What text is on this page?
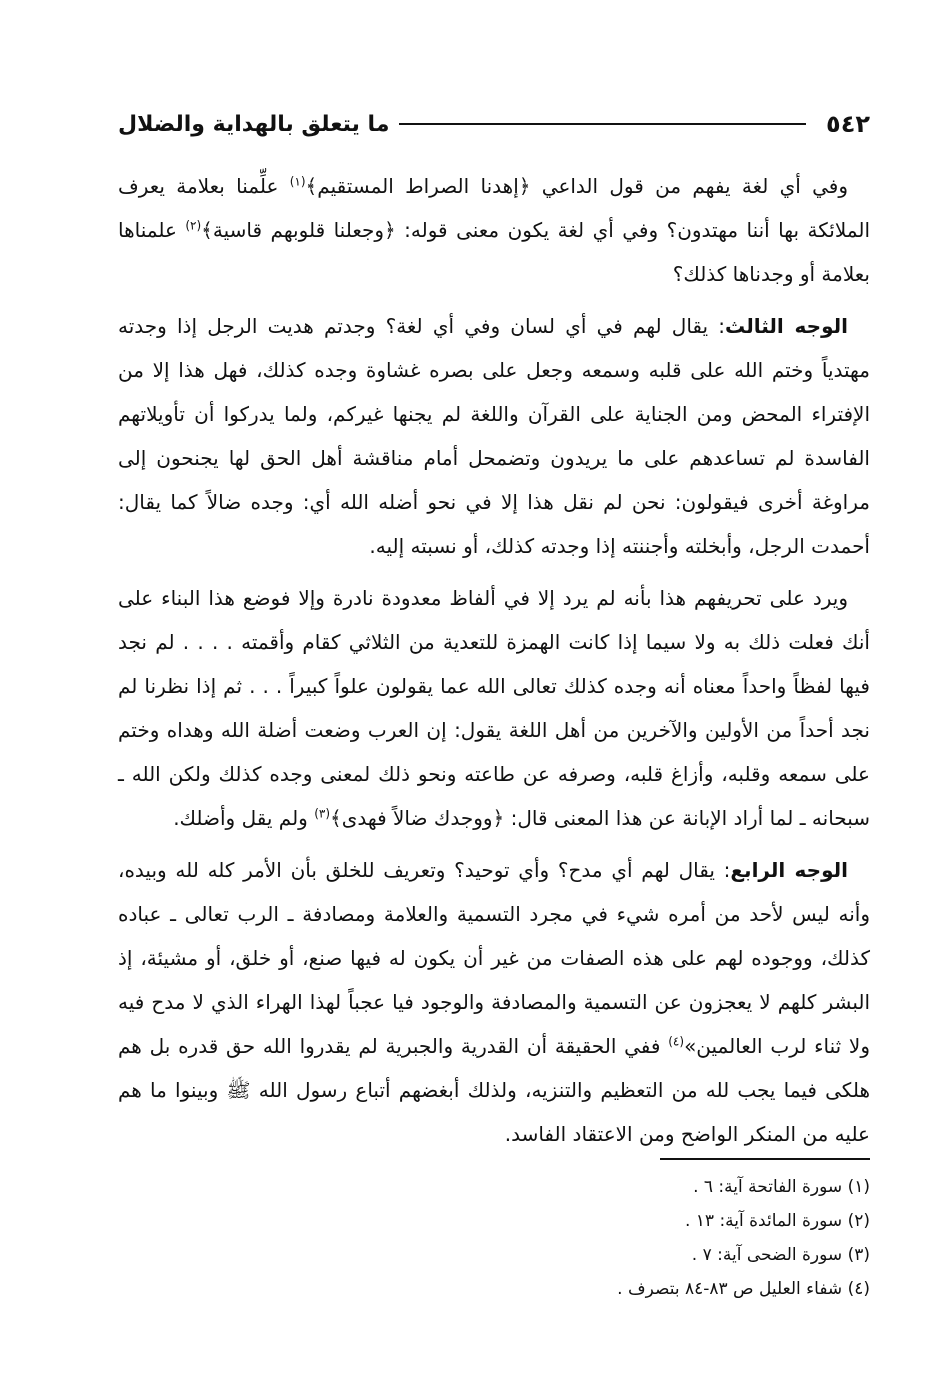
٥٤٢
ما يتعلق بالهداية والضلال

وفي أي لغة يفهم من قول الداعي ﴿إهدنا الصراط المستقيم﴾$^{(١)}$ علِّمنا بعلامة يعرف الملائكة بها أننا مهتدون؟ وفي أي لغة يكون معنى قوله: ﴿وجعلنا قلوبهم قاسية﴾$^{(٢)}$ علمناها بعلامة أو وجدناها كذلك؟

الوجه الثالث: يقال لهم في أي لسان وفي أي لغة؟ وجدتم هديت الرجل إذا وجدته مهتدياً وختم الله على قلبه وسمعه وجعل على بصره غشاوة وجده كذلك، فهل هذا إلا من الإفتراء المحض ومن الجناية على القرآن واللغة لم يجنها غيركم، ولما يدركوا أن تأويلاتهم الفاسدة لم تساعدهم على ما يريدون وتضمحل أمام مناقشة أهل الحق لها يجنحون إلى مراوغة أخرى فيقولون: نحن لم نقل هذا إلا في نحو أضله الله أي: وجده ضالاً كما يقال: أحمدت الرجل، وأبخلته وأجننته إذا وجدته كذلك، أو نسبته إليه.

ويرد على تحريفهم هذا بأنه لم يرد إلا في ألفاظ معدودة نادرة وإلا فوضع هذا البناء على أنك فعلت ذلك به ولا سيما إذا كانت الهمزة للتعدية من الثلاثي كقام وأقمته . . . . لم نجد فيها لفظاً واحداً معناه أنه وجده كذلك تعالى الله عما يقولون علواً كبيراً . . . ثم إذا نظرنا لم نجد أحداً من الأولين والآخرين من أهل اللغة يقول: إن العرب وضعت أضلة الله وهداه وختم على سمعه وقلبه، وأزاغ قلبه، وصرفه عن طاعته ونحو ذلك لمعنى وجده كذلك ولكن الله ـ سبحانه ـ لما أراد الإبانة عن هذا المعنى قال: ﴿ووجدك ضالاً فهدى﴾$^{(٣)}$ ولم يقل وأضلك.

الوجه الرابع: يقال لهم أي مدح؟ وأي توحيد؟ وتعريف للخلق بأن الأمر كله لله وبيده، وأنه ليس لأحد من أمره شيء في مجرد التسمية والعلامة ومصادفة ـ الرب تعالى ـ عباده كذلك، ووجوده لهم على هذه الصفات من غير أن يكون له فيها صنع، أو خلق، أو مشيئة، إذ البشر كلهم لا يعجزون عن التسمية والمصادفة والوجود فيا عجباً لهذا الهراء الذي لا مدح فيه ولا ثناء لرب العالمين»$^{(٤)}$ ففي الحقيقة أن القدرية والجبرية لم يقدروا الله حق قدره بل هم هلكى فيما يجب لله من التعظيم والتنزيه، ولذلك أبغضهم أتباع رسول الله ﷺ وبينوا ما هم عليه من المنكر الواضح ومن الاعتقاد الفاسد.

(١) سورة الفاتحة آية: ٦ .
(٢) سورة المائدة آية: ١٣ .
(٣) سورة الضحى آية: ٧ .
(٤) شفاء العليل ص ٨٣-٨٤ بتصرف .
